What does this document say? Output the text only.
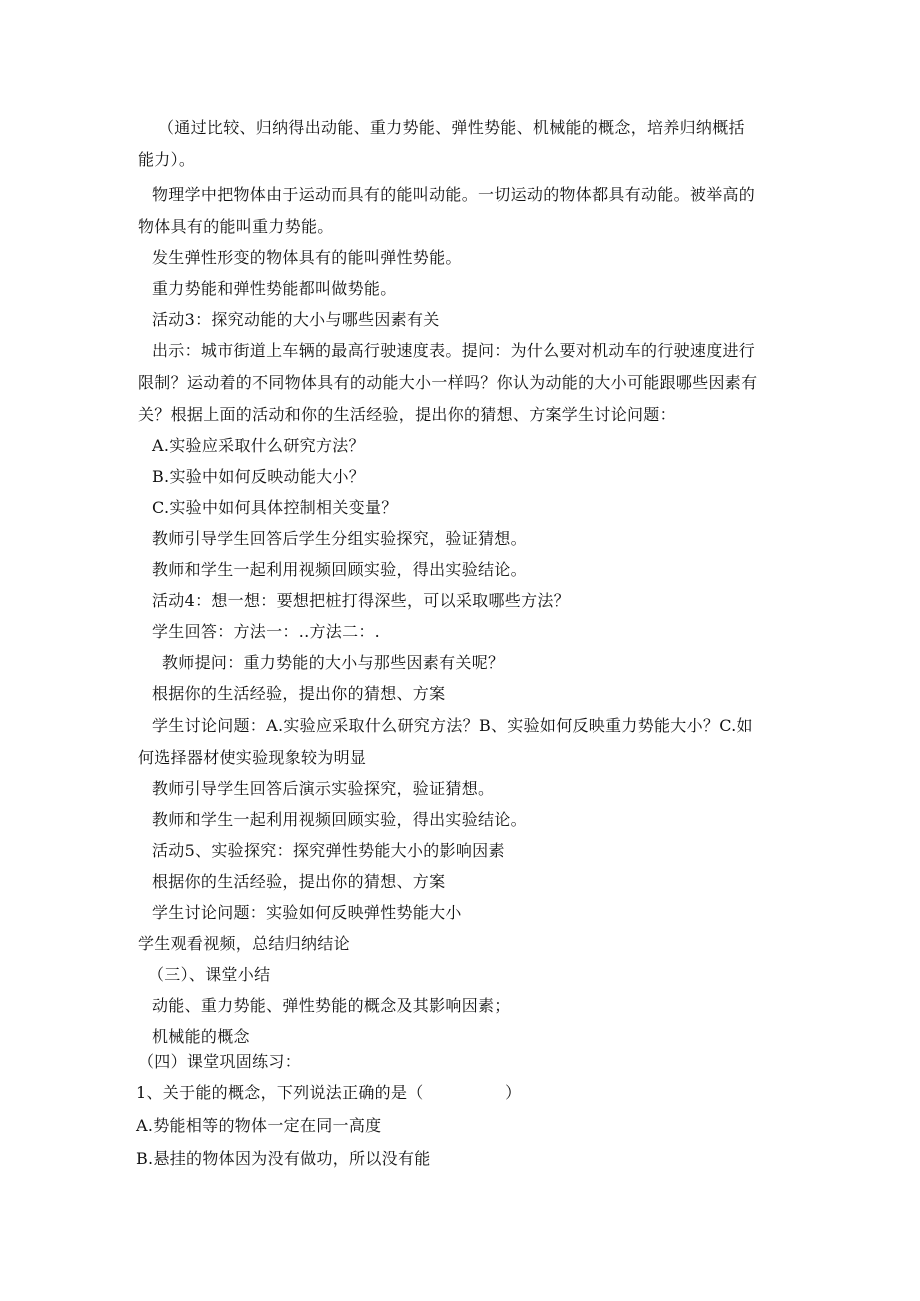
（通过比较、归纳得出动能、重力势能、弹性势能、机械能的概念，培养归纳概括
能力）。
物理学中把物体由于运动而具有的能叫动能。一切运动的物体都具有动能。被举高的
物体具有的能叫重力势能。
发生弹性形变的物体具有的能叫弹性势能。
重力势能和弹性势能都叫做势能。
活动3：探究动能的大小与哪些因素有关
出示：城市街道上车辆的最高行驶速度表。提问：为什么要对机动车的行驶速度进行
限制？运动着的不同物体具有的动能大小一样吗？你认为动能的大小可能跟哪些因素有
关？根据上面的活动和你的生活经验，提出你的猜想、方案学生讨论问题：
A.实验应采取什么研究方法？
B.实验中如何反映动能大小？
C.实验中如何具体控制相关变量？
教师引导学生回答后学生分组实验探究，验证猜想。
教师和学生一起利用视频回顾实验，得出实验结论。
活动4：想一想：要想把桩打得深些，可以采取哪些方法？
学生回答：方法一：..方法二：.
教师提问：重力势能的大小与那些因素有关呢？
根据你的生活经验，提出你的猜想、方案
学生讨论问题：A.实验应采取什么研究方法？B、实验如何反映重力势能大小？C.如
何选择器材使实验现象较为明显
教师引导学生回答后演示实验探究，验证猜想。
教师和学生一起利用视频回顾实验，得出实验结论。
活动5、实验探究：探究弹性势能大小的影响因素
根据你的生活经验，提出你的猜想、方案
学生讨论问题：实验如何反映弹性势能大小
学生观看视频，总结归纳结论
（三）、课堂小结
动能、重力势能、弹性势能的概念及其影响因素；
机械能的概念
（四）课堂巩固练习：
1、关于能的概念，下列说法正确的是（　　　　　）
A.势能相等的物体一定在同一高度
B.悬挂的物体因为没有做功，所以没有能
